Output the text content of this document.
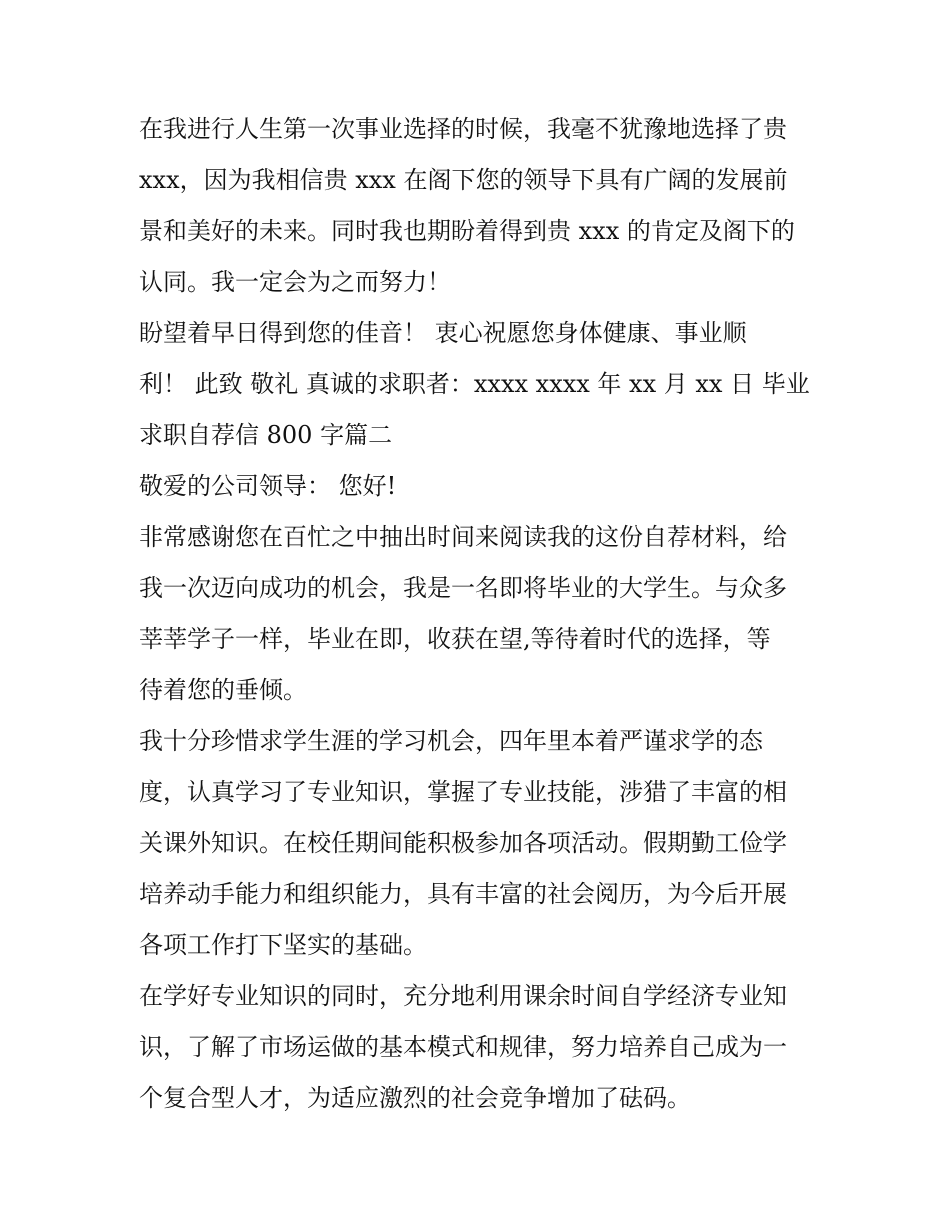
在我进行人生第一次事业选择的时候，我毫不犹豫地选择了贵
xxx，因为我相信贵 xxx 在阁下您的领导下具有广阔的发展前
景和美好的未来。同时我也期盼着得到贵 xxx 的肯定及阁下的
认同。我一定会为之而努力！
盼望着早日得到您的佳音！ 衷心祝愿您身体健康、事业顺
利！ 此致 敬礼 真诚的求职者：xxxx xxxx 年 xx 月 xx 日 毕业
求职自荐信 800 字篇二
敬爱的公司领导： 您好!
非常感谢您在百忙之中抽出时间来阅读我的这份自荐材料，给
我一次迈向成功的机会，我是一名即将毕业的大学生。与众多
莘莘学子一样，毕业在即，收获在望,等待着时代的选择，等
待着您的垂倾。
我十分珍惜求学生涯的学习机会，四年里本着严谨求学的态
度，认真学习了专业知识，掌握了专业技能，涉猎了丰富的相
关课外知识。在校任期间能积极参加各项活动。假期勤工俭学
培养动手能力和组织能力，具有丰富的社会阅历，为今后开展
各项工作打下坚实的基础。
在学好专业知识的同时，充分地利用课余时间自学经济专业知
识，了解了市场运做的基本模式和规律，努力培养自己成为一
个复合型人才，为适应激烈的社会竞争增加了砝码。
